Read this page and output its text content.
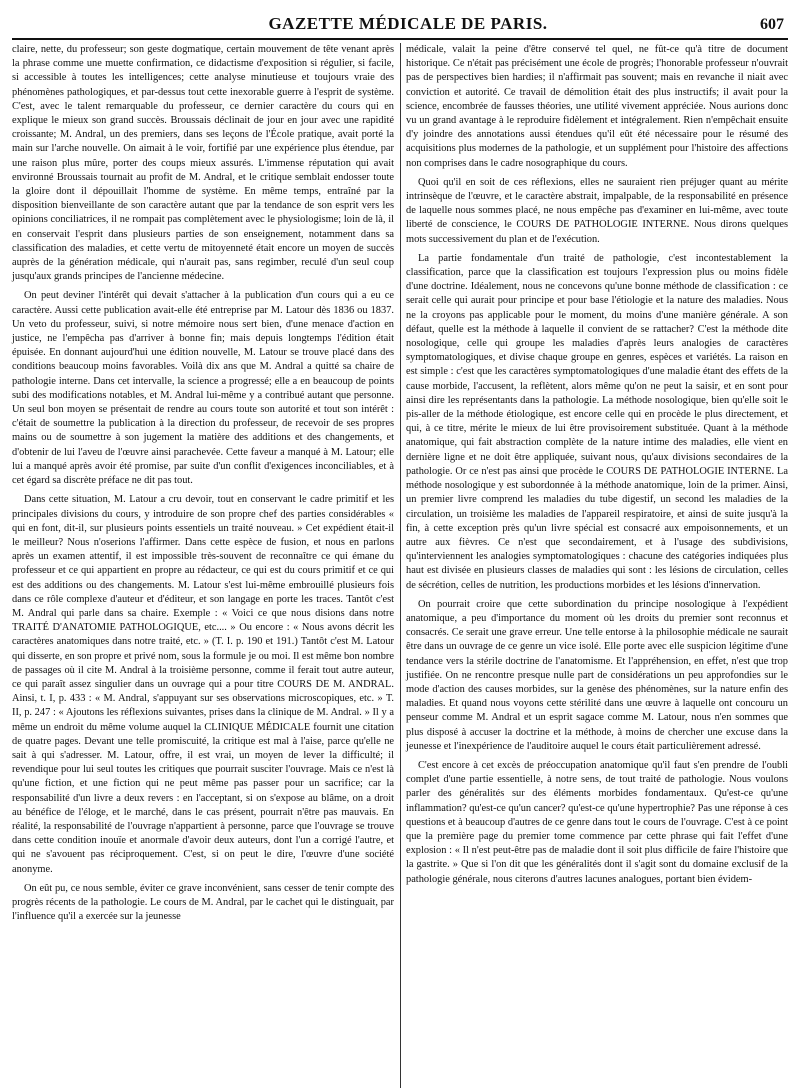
GAZETTE MÉDICALE DE PARIS.	607

claire, nette, du professeur; son geste dogmatique, certain mouvement de tête venant après la phrase comme une muette confirmation, ce didactisme d'exposition si régulier, si facile, si accessible à toutes les intelligences; cette analyse minutieuse et toujours vraie des phénomènes pathologiques, et par-dessus tout cette inexorable guerre à l'esprit de système. C'est, avec le talent remarquable du professeur, ce dernier caractère du cours qui en explique le mieux son grand succès. Broussais déclinait de jour en jour avec une rapidité croissante; M. Andral, un des premiers, dans ses leçons de l'École pratique, avait porté la main sur l'arche nouvelle. On aimait à le voir, fortifié par une expérience plus étendue, par une raison plus mûre, porter des coups mieux assurés. L'immense réputation qui avait environné Broussais tournait au profit de M. Andral, et le critique semblait endosser toute la gloire dont il dépouillait l'homme de système. En même temps, entraîné par la disposition bienveillante de son caractère autant que par la tendance de son esprit vers les opinions conciliatrices, il ne rompait pas complètement avec le physiologisme; loin de là, il en conservait l'esprit dans plusieurs parties de son enseignement, notamment dans sa classification des maladies, et cette vertu de mitoyenneté était encore un moyen de succès auprès de la génération médicale, qui n'aurait pas, sans regimber, reculé d'un seul coup jusqu'aux grands principes de l'ancienne médecine.

On peut deviner l'intérêt qui devait s'attacher à la publication d'un cours qui a eu ce caractère. Aussi cette publication avait-elle été entreprise par M. Latour dès 1836 ou 1837. Un veto du professeur, suivi, si notre mémoire nous sert bien, d'une menace d'action en justice, ne l'empêcha pas d'arriver à bonne fin; mais depuis longtemps l'édition était épuisée. En donnant aujourd'hui une édition nouvelle, M. Latour se trouve placé dans des conditions beaucoup moins favorables. Voilà dix ans que M. Andral a quitté sa chaire de pathologie interne. Dans cet intervalle, la science a progressé; elle a en beaucoup de points subi des modifications notables, et M. Andral lui-même y a contribué autant que personne. Un seul bon moyen se présentait de rendre au cours toute son autorité et tout son intérêt : c'était de soumettre la publication à la direction du professeur, de recevoir de ses propres mains ou de soumettre à son jugement la matière des additions et des changements, et d'obtenir de lui l'aveu de l'œuvre ainsi parachevée. Cette faveur a manqué à M. Latour; elle lui a manqué après avoir été promise, par suite d'un conflit d'exigences inconciliables, et à cet égard sa discrète préface ne dit pas tout.

Dans cette situation, M. Latour a cru devoir, tout en conservant le cadre primitif et les principales divisions du cours, y introduire de son propre chef des parties considérables « qui en font, dit-il, sur plusieurs points essentiels un traité nouveau. » Cet expédient était-il le meilleur? Nous n'oserions l'affirmer. Dans cette espèce de fusion, et nous en parlons après un examen attentif, il est impossible très-souvent de reconnaître ce qui émane du professeur et ce qui appartient en propre au rédacteur, ce qui est du cours primitif et ce qui est des additions ou des changements. M. Latour s'est lui-même embrouillé plusieurs fois dans ce rôle complexe d'auteur et d'éditeur, et son langage en porte les traces. Tantôt c'est M. Andral qui parle dans sa chaire. Exemple : « Voici ce que nous disions dans notre TRAITÉ D'ANATOMIE PATHOLOGIQUE, etc.... » Ou encore : « Nous avons décrit les caractères anatomiques dans notre traité, etc. » (T. I. p. 190 et 191.) Tantôt c'est M. Latour qui disserte, en son propre et privé nom, sous la formule je ou moi. Il est même bon nombre de passages où il cite M. Andral à la troisième personne, comme il ferait tout autre auteur, ce qui paraît assez singulier dans un ouvrage qui a pour titre COURS DE M. ANDRAL. Ainsi, t. I, p. 433 : « M. Andral, s'appuyant sur ses observations microscopiques, etc. » T. II, p. 247 : « Ajoutons les réflexions suivantes, prises dans la clinique de M. Andral. » Il y a même un endroit du même volume auquel la CLINIQUE MÉDICALE fournit une citation de quatre pages. Devant une telle promiscuité, la critique est mal à l'aise, parce qu'elle ne sait à qui s'adresser. M. Latour, offre, il est vrai, un moyen de lever la difficulté; il revendique pour lui seul toutes les critiques que pourrait susciter l'ouvrage. Mais ce n'est là qu'une fiction, et une fiction qui ne peut même pas passer pour un sacrifice; car la responsabilité d'un livre a deux revers : en l'acceptant, si on s'expose au blâme, on a droit au bénéfice de l'éloge, et le marché, dans le cas présent, pourrait n'être pas mauvais. En réalité, la responsabilité de l'ouvrage n'appartient à personne, parce que l'ouvrage se trouve dans cette condition inouïe et anormale d'avoir deux auteurs, dont l'un a corrigé l'autre, et qui ne s'avouent pas réciproquement. C'est, si on peut le dire, l'œuvre d'une société anonyme.

On eût pu, ce nous semble, éviter ce grave inconvénient, sans cesser de tenir compte des progrès récents de la pathologie. Le cours de M. Andral, par le cachet qui le distinguait, par l'influence qu'il a exercée sur la jeunesse

médicale, valait la peine d'être conservé tel quel, ne fût-ce qu'à titre de document historique. Ce n'était pas précisément une école de progrès; l'honorable professeur n'ouvrait pas de perspectives bien hardies; il n'affirmait pas souvent; mais en revanche il niait avec conviction et autorité. Ce travail de démolition était des plus instructifs; il avait pour la science, encombrée de fausses théories, une utilité vivement appréciée. Nous aurions donc vu un grand avantage à le reproduire fidèlement et intégralement. Rien n'empêchait ensuite d'y joindre des annotations aussi étendues qu'il eût été nécessaire pour le résumé des acquisitions plus modernes de la pathologie, et un supplément pour l'histoire des affections non comprises dans le cadre nosographique du cours.

Quoi qu'il en soit de ces réflexions, elles ne sauraient rien préjuger quant au mérite intrinsèque de l'œuvre, et le caractère abstrait, impalpable, de la responsabilité en présence de laquelle nous sommes placé, ne nous empêche pas d'examiner en lui-même, avec toute liberté de conscience, le COURS DE PATHOLOGIE INTERNE. Nous dirons quelques mots successivement du plan et de l'exécution.

La partie fondamentale d'un traité de pathologie, c'est incontestablement la classification, parce que la classification est toujours l'expression plus ou moins fidèle d'une doctrine. Idéalement, nous ne concevons qu'une bonne méthode de classification : ce serait celle qui aurait pour principe et pour base l'étiologie et la nature des maladies. Nous ne la croyons pas applicable pour le moment, du moins d'une manière générale. A son défaut, quelle est la méthode à laquelle il convient de se rattacher? C'est la méthode dite nosologique, celle qui groupe les maladies d'après leurs analogies de caractères symptomatologiques, et divise chaque groupe en genres, espèces et variétés. La raison en est simple : c'est que les caractères symptomatologiques d'une maladie étant des effets de la cause morbide, l'accusent, la reflètent, alors même qu'on ne peut la saisir, et en sont pour ainsi dire les représentants dans la pathologie. La méthode nosologique, bien qu'elle soit le pis-aller de la méthode étiologique, est encore celle qui en procède le plus directement, et qui, à ce titre, mérite le mieux de lui être provisoirement substituée. Quant à la méthode anatomique, qui fait abstraction complète de la nature intime des maladies, elle vient en dernière ligne et ne doit être appliquée, suivant nous, qu'aux divisions secondaires de la pathologie. Or ce n'est pas ainsi que procède le COURS DE PATHOLOGIE INTERNE. La méthode nosologique y est subordonnée à la méthode anatomique, loin de la primer. Ainsi, un premier livre comprend les maladies du tube digestif, un second les maladies de la circulation, un troisième les maladies de l'appareil respiratoire, et ainsi de suite jusqu'à la fin, à cette exception près qu'un livre spécial est consacré aux empoisonnements, et un autre aux fièvres. Ce n'est que secondairement, et à l'usage des subdivisions, qu'interviennent les analogies symptomatologiques : chacune des catégories indiquées plus haut est divisée en plusieurs classes de maladies qui sont : les lésions de circulation, celles de sécrétion, celles de nutrition, les productions morbides et les lésions d'innervation.

On pourrait croire que cette subordination du principe nosologique à l'expédient anatomique, a peu d'importance du moment où les droits du premier sont reconnus et consacrés. Ce serait une grave erreur. Une telle entorse à la philosophie médicale ne saurait être dans un ouvrage de ce genre un vice isolé. Elle porte avec elle suspicion légitime d'une tendance vers la stérile doctrine de l'anatomisme. Et l'appréhension, en effet, n'est que trop justifiée. On ne rencontre presque nulle part de considérations un peu approfondies sur le mode d'action des causes morbides, sur la genèse des phénomènes, sur la nature enfin des maladies. Et quand nous voyons cette stérilité dans une œuvre à laquelle ont concouru un penseur comme M. Andral et un esprit sagace comme M. Latour, nous n'en sommes que plus disposé à accuser la doctrine et la méthode, à moins de chercher une excuse dans la jeunesse et l'inexpérience de l'auditoire auquel le cours était particulièrement adressé.

C'est encore à cet excès de préoccupation anatomique qu'il faut s'en prendre de l'oubli complet d'une partie essentielle, à notre sens, de tout traité de pathologie. Nous voulons parler des généralités sur des éléments morbides fondamentaux. Qu'est-ce qu'une inflammation? qu'est-ce qu'un cancer? qu'est-ce qu'une hypertrophie? Pas une réponse à ces questions et à beaucoup d'autres de ce genre dans tout le cours de l'ouvrage. C'est à ce point que la première page du premier tome commence par cette phrase qui fait l'effet d'une explosion : « Il n'est peut-être pas de maladie dont il soit plus difficile de faire l'histoire que la gastrite. » Que si l'on dit que les généralités dont il s'agit sont du domaine exclusif de la pathologie générale, nous citerons d'autres lacunes analogues, portant bien évidem-
